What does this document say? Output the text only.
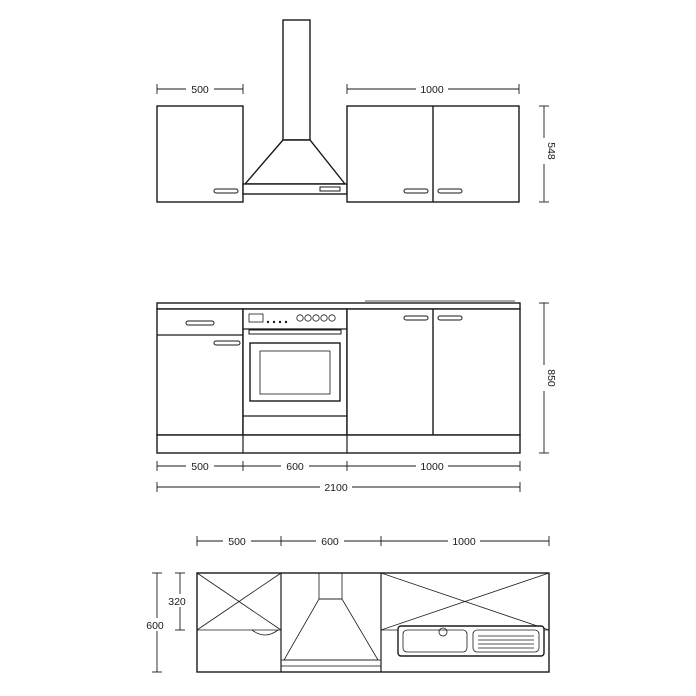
500	1000
548
850
500	600	1000
2100
500	600	1000
320
600
